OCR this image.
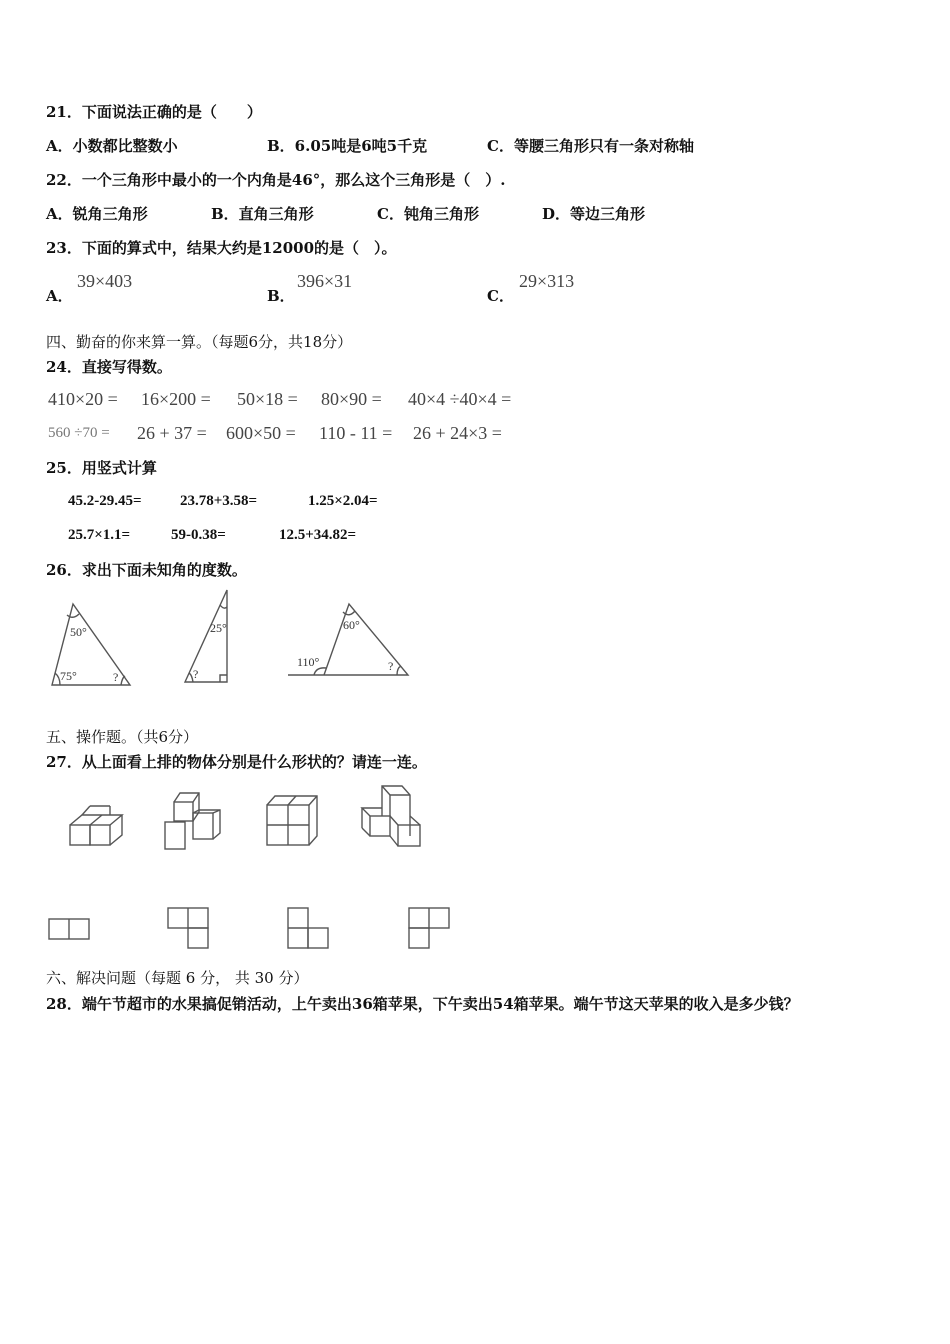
21．下面说法正确的是（　　）
A．小数都比整数小	B．6.05吨是6吨5千克	C．等腰三角形只有一条对称轴
22．一个三角形中最小的一个内角是46°，那么这个三角形是（　）.
A．锐角三角形	B．直角三角形	C．钝角三角形	D．等边三角形
23．下面的算式中，结果大约是12000的是（　）。
A．
39×403
B．
396×31
C．
29×313
四、勤奋的你来算一算。（每题6分，共18分）
24．直接写得数。
410×20 = 16×200 = 50×18 = 80×90 = 40×4 ÷40×4 =
560 ÷70 = 26 + 37 = 600×50 = 110 - 11 = 26 + 24×3 =
25．用竖式计算
45.2-29.45=	23.78+3.58=	1.25×2.04=
25.7×1.1=	59-0.38=	12.5+34.82=
26．求出下面未知角的度数。
50°
75°	?
25°
?
60°
110°	?
五、操作题。（共6分）
27．从上面看上排的物体分别是什么形状的？请连一连。
六、解决问题（每题 6 分， 共 30 分）
28．端午节超市的水果搞促销活动，上午卖出36箱苹果，下午卖出54箱苹果。端午节这天苹果的收入是多少钱？
